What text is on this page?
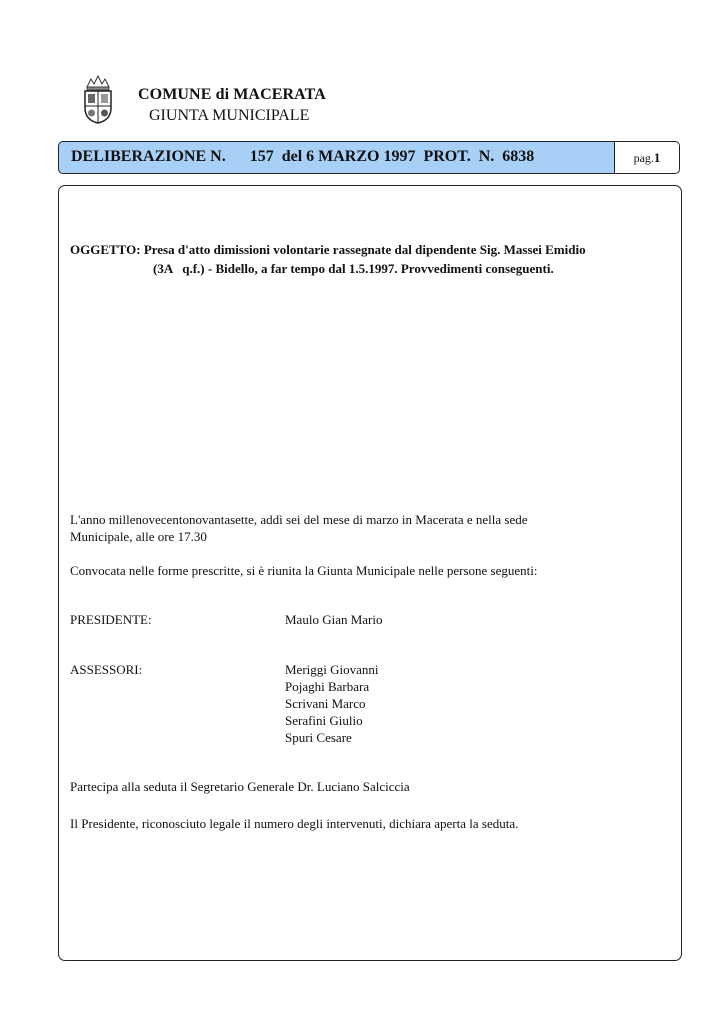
COMUNE di MACERATA
GIUNTA MUNICIPALE
DELIBERAZIONE N.      157  del 6 MARZO 1997  PROT.  N.  6838	pag.1
OGGETTO: Presa d'atto dimissioni volontarie rassegnate dal dipendente Sig. Massei Emidio
(3A   q.f.) - Bidello, a far tempo dal 1.5.1997. Provvedimenti conseguenti.
L'anno millenovecentonovantasette, addì sei del mese di marzo in Macerata e nella sede
Municipale, alle ore 17.30
Convocata nelle forme prescritte, si è riunita la Giunta Municipale nelle persone seguenti:
PRESIDENTE:	Maulo Gian Mario
ASSESSORI:	Meriggi Giovanni
Pojaghi Barbara
Scrivani Marco
Serafini Giulio
Spuri Cesare
Partecipa alla seduta il Segretario Generale Dr. Luciano Salciccia
Il Presidente, riconosciuto legale il numero degli intervenuti, dichiara aperta la seduta.
